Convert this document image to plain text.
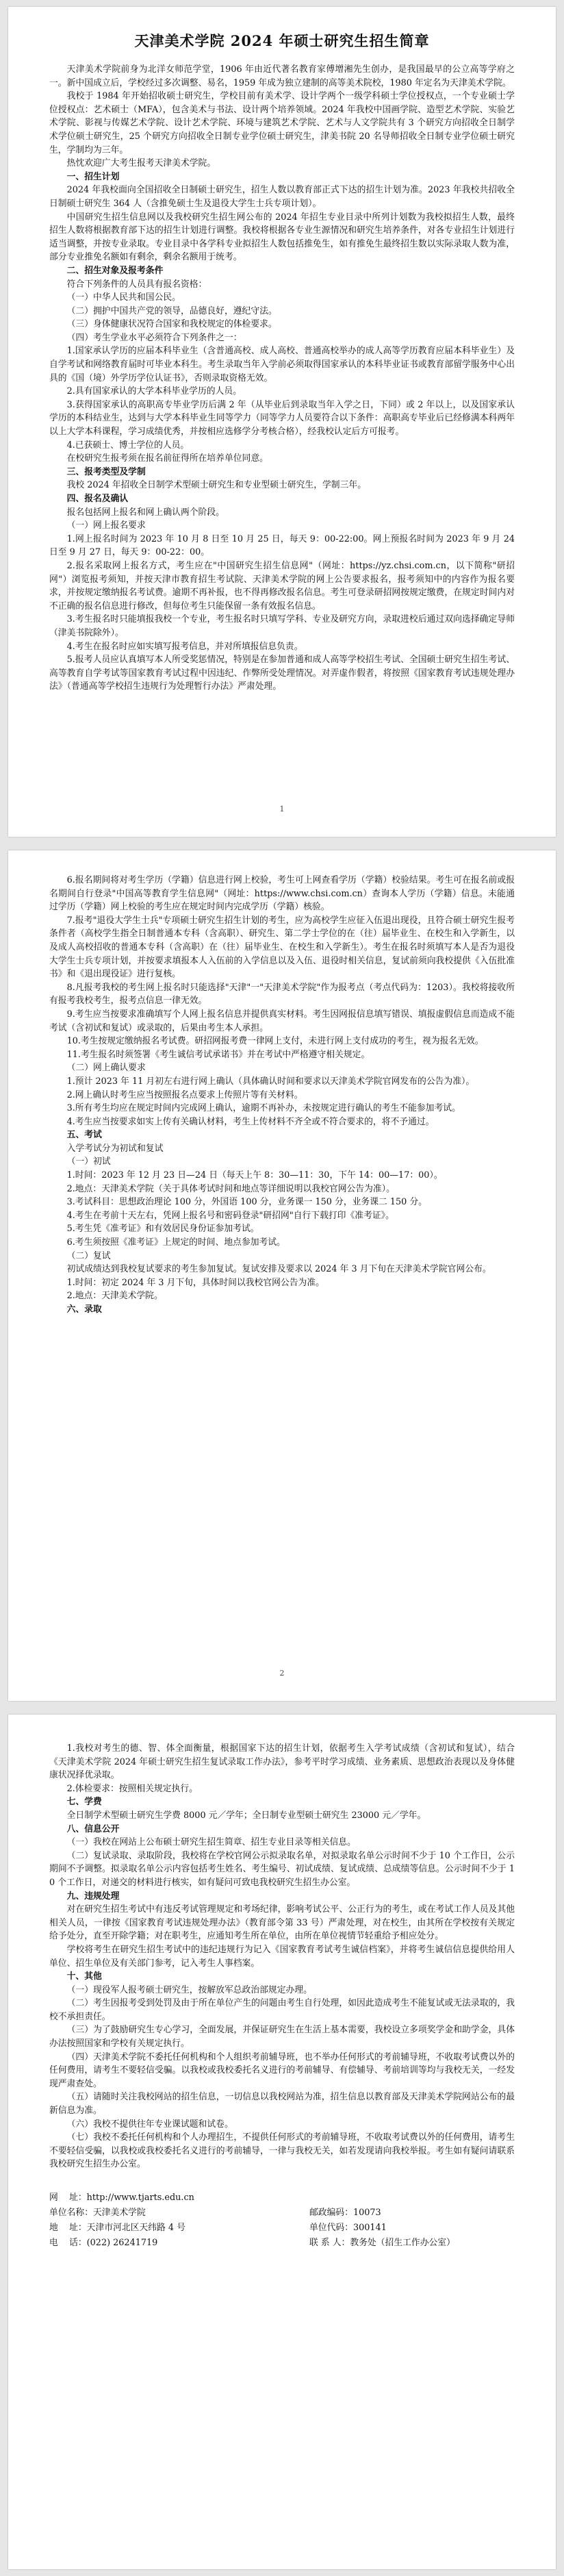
天津美术学院 2024 年硕士研究生招生简章

天津美术学院前身为北洋女师范学堂，1906 年由近代著名教育家傅增湘先生创办，是我国最早的公立高等学府之一。新中国成立后，学校经过多次调整、易名，1959 年成为独立建制的高等美术院校，1980 年定名为天津美术学院。

我校于 1984 年开始招收硕士研究生，学校目前有美术学、设计学两个一级学科硕士学位授权点，一个专业硕士学位授权点：艺术硕士（MFA），包含美术与书法、设计两个培养领域。2024 年我校中国画学院、造型艺术学院、实验艺术学院、影视与传媒艺术学院、设计艺术学院、环境与建筑艺术学院、艺术与人文学院共有 3 个研究方向招收全日制学术学位硕士研究生，25 个研究方向招收全日制专业学位硕士研究生，津美书院 20 名导师招收全日制专业学位硕士研究生，学制均为三年。

热忱欢迎广大考生报考天津美术学院。

一、招生计划

2024 年我校面向全国招收全日制硕士研究生，招生人数以教育部正式下达的招生计划为准。2023 年我校共招收全日制硕士研究生 364 人（含推免硕士生及退役大学生士兵专项计划）。

中国研究生招生信息网以及我校研究生招生网公布的 2024 年招生专业目录中所列计划数为我校拟招生人数，最终招生人数将根据教育部下达的招生计划进行调整。我校将根据各专业生源情况和研究生培养条件，对各专业招生计划进行适当调整，并按专业录取。专业目录中各学科专业拟招生人数包括推免生，如有推免生最终招生数以实际录取人数为准，部分专业推免名额如有剩余，剩余名额用于统考。

二、招生对象及报考条件

符合下列条件的人员具有报名资格：

（一）中华人民共和国公民。

（二）拥护中国共产党的领导，品德良好，遵纪守法。

（三）身体健康状况符合国家和我校规定的体检要求。

（四）考生学业水平必须符合下列条件之一：

1.国家承认学历的应届本科毕业生（含普通高校、成人高校、普通高校举办的成人高等学历教育应届本科毕业生）及自学考试和网络教育届时可毕业本科生。考生录取当年入学前必须取得国家承认的本科毕业证书或教育部留学服务中心出具的《国（境）外学历学位认证书》，否则录取资格无效。

2.具有国家承认的大学本科毕业学历的人员。

3.获得国家承认的高职高专毕业学历后满 2 年（从毕业后到录取当年入学之日，下同）或 2 年以上，以及国家承认学历的本科结业生，达到与大学本科毕业生同等学力（同等学力人员要符合以下条件：高职高专毕业后已经修满本科两年以上大学本科课程，学习成绩优秀，并按相应选修学分考核合格），经我校认定后方可报考。

4.已获硕士、博士学位的人员。

在校研究生报考须在报名前征得所在培养单位同意。

三、报考类型及学制

我校 2024 年招收全日制学术型硕士研究生和专业型硕士研究生，学制三年。

四、报名及确认

报名包括网上报名和网上确认两个阶段。

（一）网上报名要求

1.网上报名时间为 2023 年 10 月 8 日至 10 月 25 日，每天 9：00-22:00。网上预报名时间为 2023 年 9 月 24 日至 9 月 27 日，每天 9：00-22：00。

2.报名采取网上报名方式，考生应在"中国研究生招生信息网"（网址：https://yz.chsi.com.cn，以下简称"研招网"）浏览报考须知，并按天津市教育招生考试院、天津美术学院的网上公告要求报名，报考须知中的内容作为报名要求，并按规定缴纳报名考试费。逾期不再补报，也不得再修改报名信息。考生可登录研招网按规定缴费，在规定时间内对不正确的报名信息进行修改，但每位考生只能保留一条有效报名信息。

3.考生报名时只能填报我校一个专业，考生报名时只填写学科、专业及研究方向，录取进校后通过双向选择确定导师（津美书院除外）。

4.考生在报名时应如实填写报考信息，并对所填报信息负责。

5.报考人员应认真填写本人所受奖惩情况，特别是在参加普通和成人高等学校招生考试、全国硕士研究生招生考试、高等教育自学考试等国家教育考试过程中因违纪、作弊所受处理情况。对弄虚作假者，将按照《国家教育考试违规处理办法》（普通高等学校招生违规行为处理暂行办法》严肃处理。

1

6.报名期间将对考生学历（学籍）信息进行网上校验，考生可上网查看学历（学籍）校验结果。考生可在报名前或报名期间自行登录"中国高等教育学生信息网"（网址：https://www.chsi.com.cn）查询本人学历（学籍）信息。未能通过学历（学籍）网上校验的考生应在规定时间内完成学历（学籍）核验。

7.报考"退役大学生士兵"专项硕士研究生招生计划的考生，应为高校学生应征入伍退出现役，且符合硕士研究生报考条件者（高校学生指全日制普通本专科（含高职）、研究生、第二学士学位的在（往）届毕业生、在校生和入学新生，以及成人高校招收的普通本专科（含高职）在（往）届毕业生、在校生和入学新生）。考生在报名时须填写本人是否为退役大学生士兵专项计划，并按要求填报本人入伍前的入学信息以及入伍、退役时相关信息，复试前须向我校提供《入伍批准书》和《退出现役证》进行复核。

8.凡报考我校的考生网上报名时只能选择"天津"一"天津美术学院"作为报考点（考点代码为：1203）。我校将接收所有报考我校考生，报考点信息一律无效。

9.考生应当按要求准确填写个人网上报名信息并提供真实材料。考生因网报信息填写错误、填报虚假信息而造成不能考试（含初试和复试）或录取的，后果由考生本人承担。

10.考生按规定缴纳报名考试费。研招网报考费一律网上支付，未进行网上支付成功的考生，视为报名无效。

11.考生报名时须签署《考生诚信考试承诺书》并在考试中严格遵守相关规定。

（二）网上确认要求

1.预计 2023 年 11 月初左右进行网上确认（具体确认时间和要求以天津美术学院官网发布的公告为准）。

2.网上确认时考生应当按照报名点要求上传照片等有关材料。

3.所有考生均应在规定时间内完成网上确认，逾期不再补办，未按规定进行确认的考生不能参加考试。

4.考生应当按要求如实上传有关确认材料，考生上传材料不齐全或不符合要求的，将不予通过。

五、考试

入学考试分为初试和复试

（一）初试

1.时间：2023 年 12 月 23 日—24 日（每天上午 8：30—11：30，下午 14：00—17：00）。

2.地点：天津美术学院（关于具体考试时间和地点等详细说明以我校官网公告为准）。

3.考试科目：思想政治理论 100 分，外国语 100 分，业务课一 150 分，业务课二 150 分。

4.考生在考前十天左右，凭网上报名号和密码登录"研招网"自行下载打印《准考证》。

5.考生凭《准考证》和有效居民身份证参加考试。

6.考生须按照《准考证》上规定的时间、地点参加考试。

（二）复试

初试成绩达到我校复试要求的考生参加复试。复试安排及要求以 2024 年 3 月下旬在天津美术学院官网公布。

1.时间：初定 2024 年 3 月下旬，具体时间以我校官网公告为准。

2.地点：天津美术学院。

六、录取

2

1.我校对考生的德、智、体全面衡量，根据国家下达的招生计划，依据考生入学考试成绩（含初试和复试），结合《天津美术学院 2024 年硕士研究生招生复试录取工作办法》，参考平时学习成绩、业务素质、思想政治表现以及身体健康状况择优录取。

2.体检要求：按照相关规定执行。

七、学费

全日制学术型硕士研究生学费 8000 元／学年；全日制专业型硕士研究生 23000 元／学年。

八、信息公开

（一）我校在网站上公布硕士研究生招生简章、招生专业目录等相关信息。

（二）复试录取、录取阶段，我校将在学校官网公示拟录取名单，对拟录取名单公示时间不少于 10 个工作日，公示期间不予调整。拟录取名单公示内容包括考生姓名、考生编号、初试成绩、复试成绩、总成绩等信息。公示时间不少于 10 个工作日，对递交的材料进行核实，如有疑问可致电我校研究生招生办公室。

九、违规处理

对在研究生招生考试中有违反考试管理规定和考场纪律，影响考试公平、公正行为的考生，或在考试工作人员及其他相关人员，一律按《国家教育考试违规处理办法》（教育部令第 33 号）严肃处理，对在校生，由其所在学校按有关规定给予处分，直至开除学籍；对在职考生，应通知考生所在单位，由所在单位视情节轻重给予相应处分。

学校将考生在研究生招生考试中的违纪违规行为记入《国家教育考试考生诚信档案》，并将考生诚信信息提供给用人单位、招生单位及有关部门参考，记入考生人事档案。

十、其他

（一）现役军人报考硕士研究生，按解放军总政治部规定办理。

（二）考生因报考受到处罚及由于所在单位产生的问题由考生自行处理，如因此造成考生不能复试或无法录取的，我校不承担责任。

（三）为了鼓励研究生专心学习，全面发展，并保证研究生在生活上基本需要，我校设立多项奖学金和助学金，具体办法按照国家和学校有关规定执行。

（四）天津美术学院不委托任何机构和个人组织考前辅导班，也不举办任何形式的考前辅导班，不收取考试费以外的任何费用，请考生不要轻信受骗。以我校或我校委托名义进行的考前辅导、有偿辅导、考前培训等均与我校无关，一经发现严肃查处。

（五）请随时关注我校网站的招生信息，一切信息以我校网站为准，招生信息以教育部及天津美术学院网站公布的最新信息为准。

（六）我校不提供往年专业课试题和试卷。

（七）我校不委托任何机构和个人办理招生，不提供任何形式的考前辅导班，不收取考试费以外的任何费用，请考生不要轻信受骗，以我校或我校委托名义进行的考前辅导，一律与我校无关，如若发现请向我校举报。考生如有疑问请联系我校研究生招生办公室。

网    址： http://www.tjarts.edu.cn
单位名称： 天津美术学院	邮政编码： 10073
地    址： 天津市河北区天纬路 4 号	单位代码： 300141
电    话： (022) 26241719	联 系 人： 教务处（招生工作办公室）
